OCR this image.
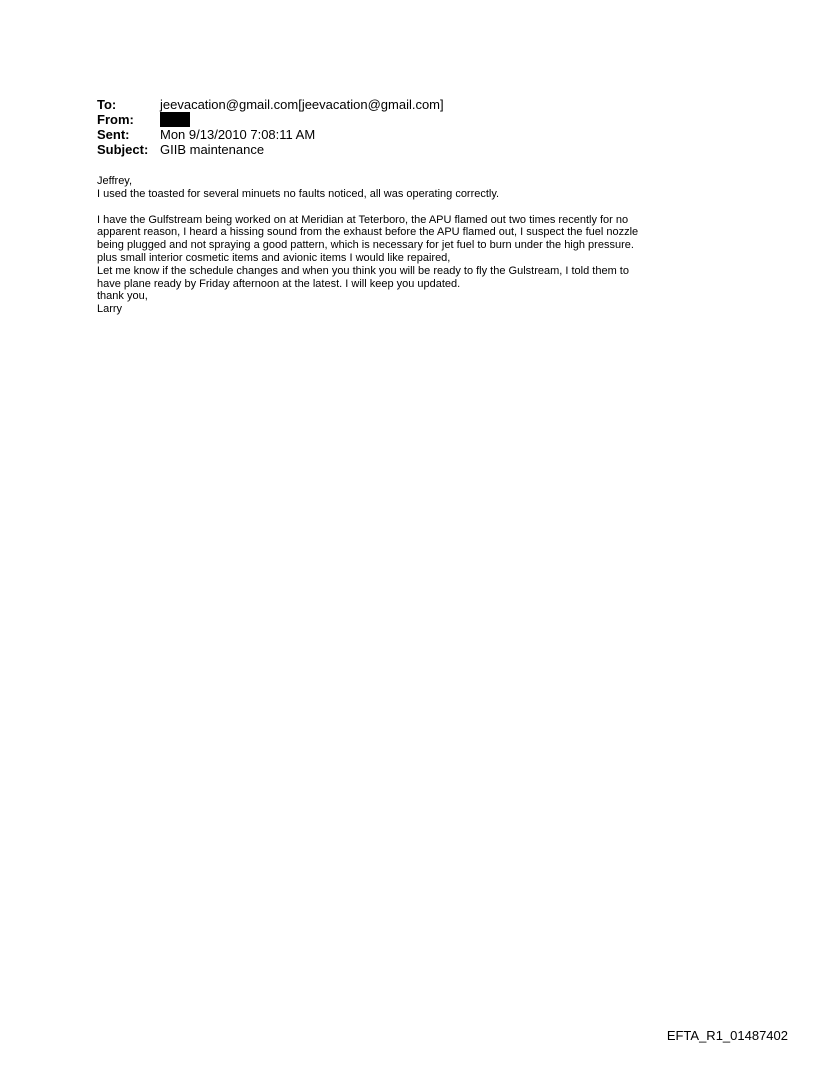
To:	jeevacation@gmail.com[jeevacation@gmail.com]
From:
Sent:	Mon 9/13/2010 7:08:11 AM
Subject: GIIB maintenance

Jeffrey,

I used the toasted for several minuets no faults noticed, all was operating correctly.

I have the Gulfstream being worked on at Meridian at Teterboro, the APU flamed out two times recently for no

apparent reason, I heard a hissing sound from the exhaust before the APU flamed out, I suspect the fuel nozzle

being plugged and not spraying a good pattern, which is necessary for jet fuel to burn under the high pressure.

plus small interior cosmetic items and avionic items I would like repaired,

Let me know if the schedule changes and when you think you will be ready to fly the Gulstream, I told them to

have plane ready by Friday afternoon at the latest. I will keep you updated.

thank you,

Larry

EFTA_R1_01487402
